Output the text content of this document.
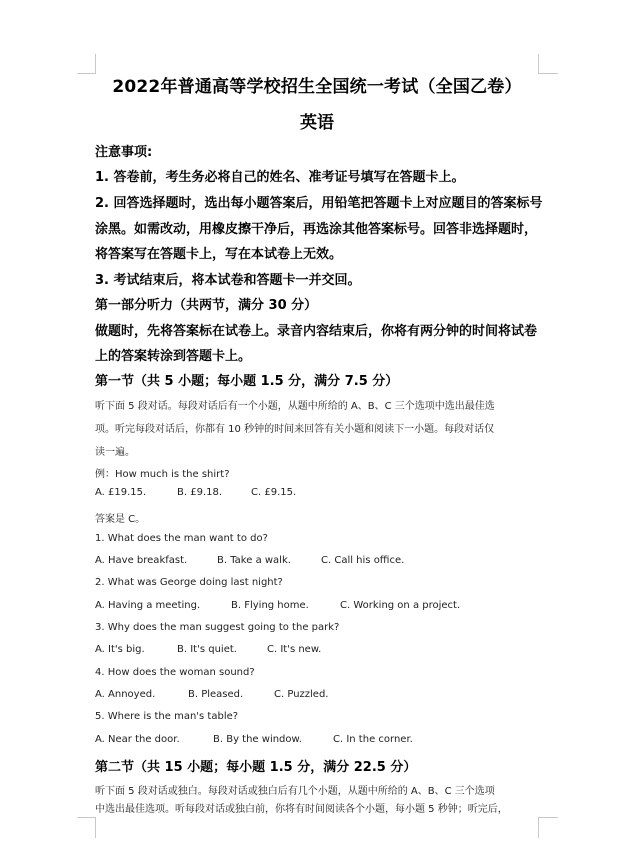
2022年普通高等学校招生全国统一考试（全国乙卷）
英语
注意事项:
1. 答卷前，考生务必将自己的姓名、准考证号填写在答题卡上。
2. 回答选择题时，选出每小题答案后，用铅笔把答题卡上对应题目的答案标号
涂黑。如需改动，用橡皮擦干净后，再选涂其他答案标号。回答非选择题时，
将答案写在答题卡上，写在本试卷上无效。
3. 考试结束后，将本试卷和答题卡一并交回。
第一部分听力（共两节，满分 30 分）
做题时，先将答案标在试卷上。录音内容结束后，你将有两分钟的时间将试卷
上的答案转涂到答题卡上。
第一节（共 5 小题；每小题 1.5 分，满分 7.5 分）
听下面 5 段对话。每段对话后有一个小题，从题中所给的 A、B、C 三个选项中选出最佳选
项。听完每段对话后，你都有 10 秒钟的时间来回答有关小题和阅读下一小题。每段对话仅
读一遍。
例：How much is the shirt?
A. £19.15.	B. £9.18.	C. £9.15.
答案是 C。
1. What does the man want to do?
A. Have breakfast.	B. Take a walk.	C. Call his office.
2. What was George doing last night?
A. Having a meeting.	B. Flying home.	C. Working on a project.
3. Why does the man suggest going to the park?
A. It's big.	B. It's quiet.	C. It's new.
4. How does the woman sound?
A. Annoyed.	B. Pleased.	C. Puzzled.
5. Where is the man's table?
A. Near the door.	B. By the window.	C. In the corner.
第二节（共 15 小题；每小题 1.5 分，满分 22.5 分）
听下面 5 段对话或独白。每段对话或独白后有几个小题，从题中所给的 A、B、C 三个选项
中选出最佳选项。听每段对话或独白前，你将有时间阅读各个小题，每小题 5 秒钟；听完后，
